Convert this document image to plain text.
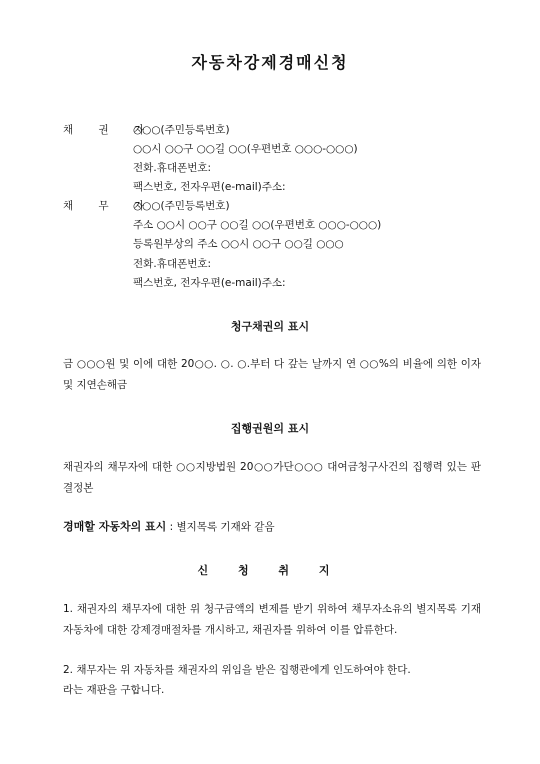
자동차강제경매신청
채 권 자
○○○(주민등록번호)
○○시 ○○구 ○○길 ○○(우편번호 ○○○-○○○)
전화․휴대폰번호:
팩스번호, 전자우편(e-mail)주소:
채 무 자
○○○(주민등록번호)
주소 ○○시 ○○구 ○○길 ○○(우편번호 ○○○-○○○)
등록원부상의 주소 ○○시 ○○구 ○○길 ○○○
전화․휴대폰번호:
팩스번호, 전자우편(e-mail)주소:
청구채권의 표시
금 ○○○원 및 이에 대한 20○○. ○. ○.부터 다 갚는 날까지 연 ○○%의 비율에 의한 이자 및 지연손해금
집행권원의 표시
채권자의 채무자에 대한 ○○지방법원 20○○가단○○○ 대여금청구사건의 집행력 있는 판결정본
경매할 자동차의 표시 : 별지목록 기재와 같음
신 청 취 지
1. 채권자의 채무자에 대한 위 청구금액의 변제를 받기 위하여 채무자소유의 별지목록 기재 자동차에 대한 강제경매절차를 개시하고, 채권자를 위하여 이를 압류한다.
2. 채무자는 위 자동차를 채권자의 위임을 받은 집행관에게 인도하여야 한다.
라는 재판을 구합니다.
